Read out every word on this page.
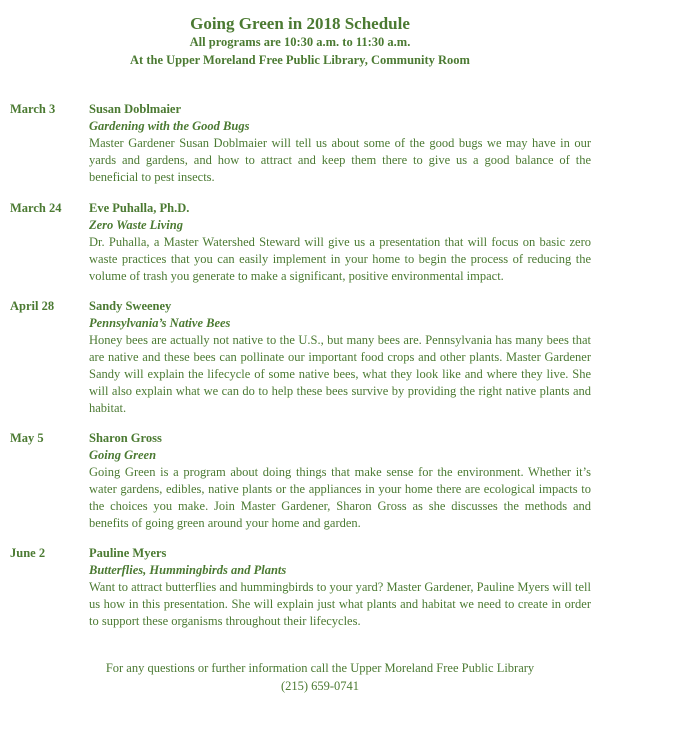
Going Green in 2018 Schedule
All programs are 10:30 a.m. to 11:30 a.m.
At the Upper Moreland Free Public Library, Community Room
March 3	Susan Doblmaier
Gardening with the Good Bugs
Master Gardener Susan Doblmaier will tell us about some of the good bugs we may have in our yards and gardens, and how to attract and keep them there to give us a good balance of the beneficial to pest insects.
March 24 Eve Puhalla, Ph.D.
Zero Waste Living
Dr. Puhalla, a Master Watershed Steward will give us a presentation that will focus on basic zero waste practices that you can easily implement in your home to begin the process of reducing the volume of trash you generate to make a significant, positive environmental impact.
April 28	Sandy Sweeney
Pennsylvania’s Native Bees
Honey bees are actually not native to the U.S., but many bees are. Pennsylvania has many bees that are native and these bees can pollinate our important food crops and other plants. Master Gardener Sandy will explain the lifecycle of some native bees, what they look like and where they live. She will also explain what we can do to help these bees survive by providing the right native plants and habitat.
May 5	Sharon Gross
Going Green
Going Green is a program about doing things that make sense for the environment. Whether it’s water gardens, edibles, native plants or the appliances in your home there are ecological impacts to the choices you make. Join Master Gardener, Sharon Gross as she discusses the methods and benefits of going green around your home and garden.
June 2	Pauline Myers
Butterflies, Hummingbirds and Plants
Want to attract butterflies and hummingbirds to your yard? Master Gardener, Pauline Myers will tell us how in this presentation. She will explain just what plants and habitat we need to create in order to support these organisms throughout their lifecycles.
For any questions or further information call the Upper Moreland Free Public Library
(215) 659-0741
